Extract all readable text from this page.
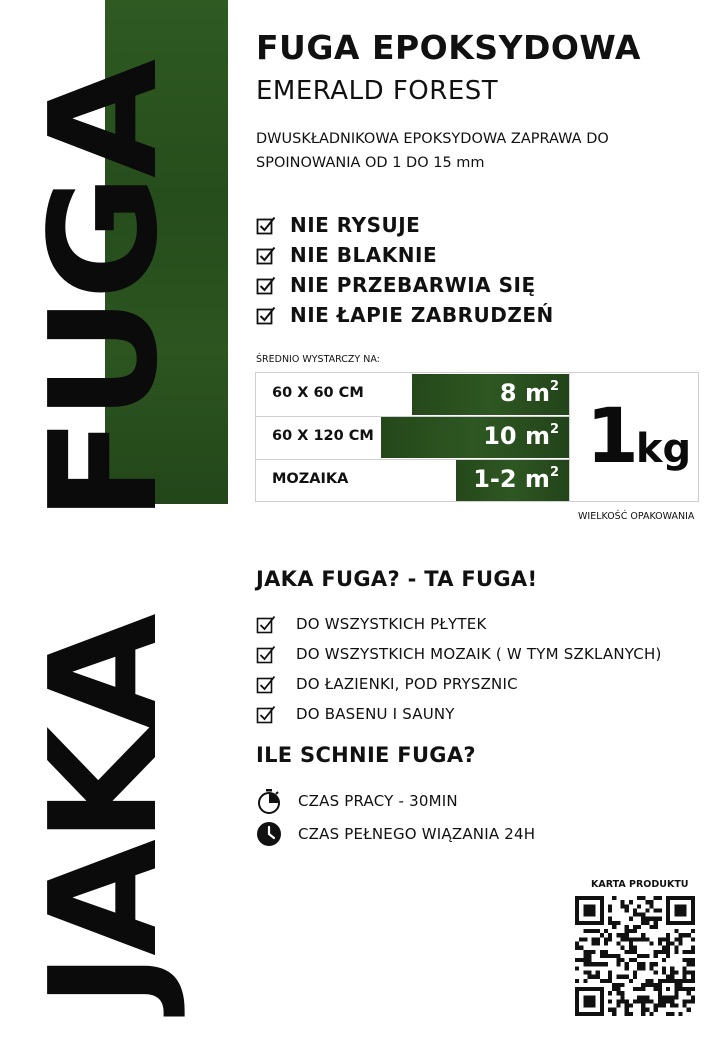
FUGA
JAKA
FUGA EPOKSYDOWA
EMERALD FOREST
DWUSKŁADNIKOWA EPOKSYDOWA ZAPRAWA DO SPOINOWANIA OD 1 DO 15 mm
NIE RYSUJE
NIE BLAKNIE
NIE PRZEBARWIA SIĘ
NIE ŁAPIE ZABRUDZEŃ
ŚREDNIO WYSTARCZY NA:
60 X 60 CM	8 $m^2$
60 X 120 CM	10 $m^2$
MOZAIKA	1-2 $m^2$ 1kg
WIELKOŚĆ OPAKOWANIA
JAKA FUGA? - TA FUGA!
DO WSZYSTKICH PŁYTEK
DO WSZYSTKICH MOZAIK ( W TYM SZKLANYCH)
DO ŁAZIENKI, POD PRYSZNIC
DO BASENU I SAUNY
ILE SCHNIE FUGA?
CZAS PRACY - 30MIN
CZAS PEŁNEGO WIĄZANIA 24H
KARTA PRODUKTU
